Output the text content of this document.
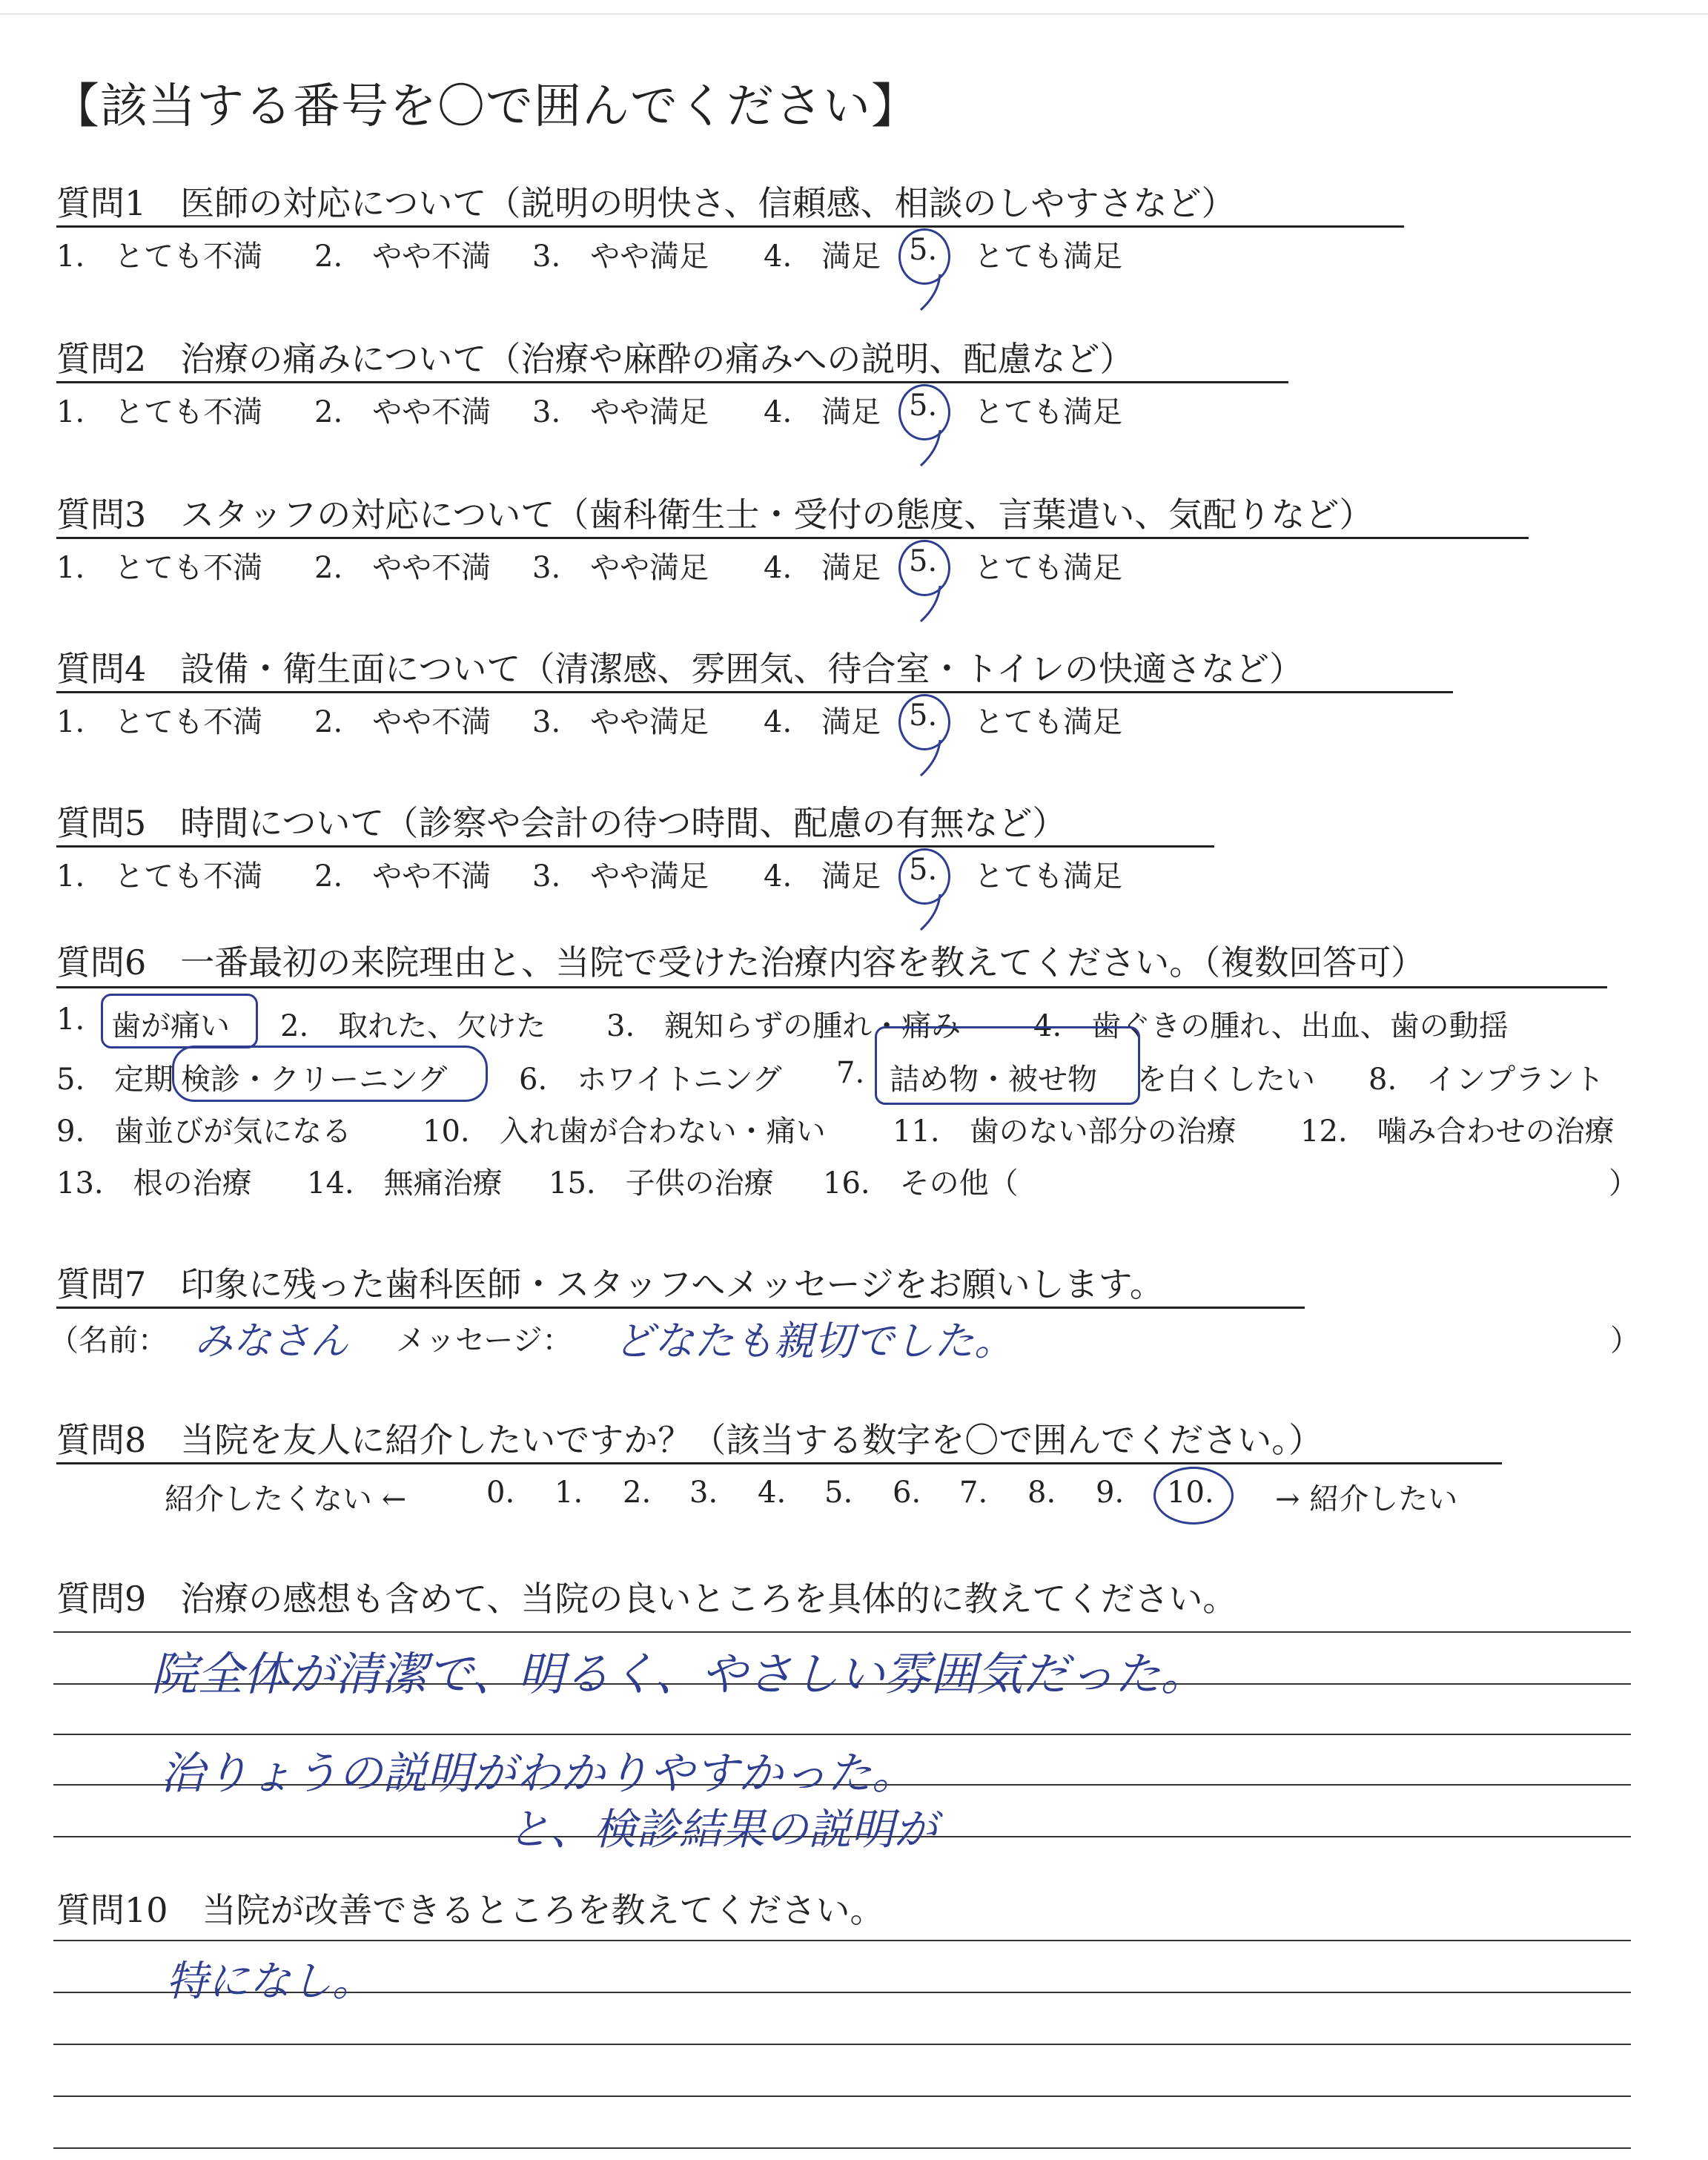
【該当する番号を〇で囲んでください】
質問1　医師の対応について（説明の明快さ、信頼感、相談のしやすさなど）
1.　とても不満 2.　やや不満 3.　やや満足 4.　満足 5. とても満足
質問2　治療の痛みについて（治療や麻酔の痛みへの説明、配慮など）
1.　とても不満 2.　やや不満 3.　やや満足 4.　満足 5. とても満足
質問3　スタッフの対応について（歯科衛生士・受付の態度、言葉遣い、気配りなど）
1.　とても不満 2.　やや不満 3.　やや満足 4.　満足 5. とても満足
質問4　設備・衛生面について（清潔感、雰囲気、待合室・トイレの快適さなど）
1.　とても不満 2.　やや不満 3.　やや満足 4.　満足 5. とても満足
質問5　時間について（診察や会計の待つ時間、配慮の有無など）
1.　とても不満 2.　やや不満 3.　やや満足 4.　満足 5. とても満足
質問6　一番最初の来院理由と、当院で受けた治療内容を教えてください。（複数回答可）
1. 歯が痛い 2.　取れた、欠けた 3.　親知らずの腫れ・痛み 4.　歯ぐきの腫れ、出血、歯の動揺
5.　定期 検診・クリーニング 6.　ホワイトニング 7. 詰め物・被せ物 を白くしたい 8.　インプラント
9.　歯並びが気になる 10.　入れ歯が合わない・痛い 11.　歯のない部分の治療 12.　噛み合わせの治療
13.　根の治療 14.　無痛治療 15.　子供の治療 16.　その他（	）
質問7　印象に残った歯科医師・スタッフへメッセージをお願いします。
（名前： みなさん メッセージ： どなたも親切でした。	）
質問8　当院を友人に紹介したいですか？（該当する数字を〇で囲んでください。）
紹介したくない ←	0. 1. 2. 3. 4. 5. 6. 7. 8. 9. 10. → 紹介したい
質問9　治療の感想も含めて、当院の良いところを具体的に教えてください。
院全体が清潔で、明るく、やさしい雰囲気だった。
治りょうの説明がわかりやすかった。
と、検診結果の説明が
質問10　当院が改善できるところを教えてください。
特になし。
